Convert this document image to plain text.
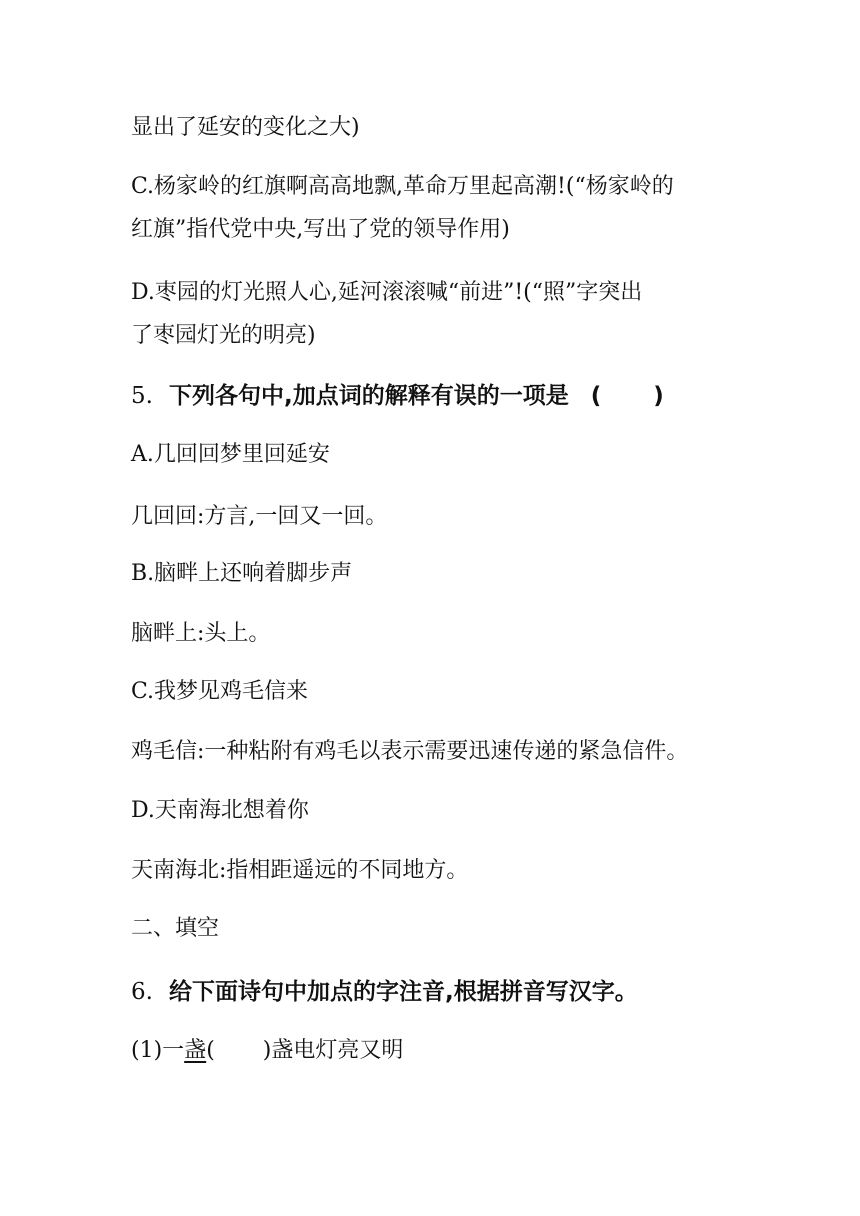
显出了延安的变化之大)
C.杨家岭的红旗啊高高地飘,革命万里起高潮!(“杨家岭的
红旗”指代党中央,写出了党的领导作用)
D.枣园的灯光照人心,延河滚滚喊“前进”!(“照”字突出
了枣园灯光的明亮)
5. 下列各句中,加点词的解释有误的一项是 ( )
A.几回回梦里回延安
几回回:方言,一回又一回。
B.脑畔上还响着脚步声
脑畔上:头上。
C.我梦见鸡毛信来
鸡毛信:一种粘附有鸡毛以表示需要迅速传递的紧急信件。
D.天南海北想着你
天南海北:指相距遥远的不同地方。
二、填空
6. 给下面诗句中加点的字注音,根据拼音写汉字。
(1)一盏( )盏电灯亮又明
